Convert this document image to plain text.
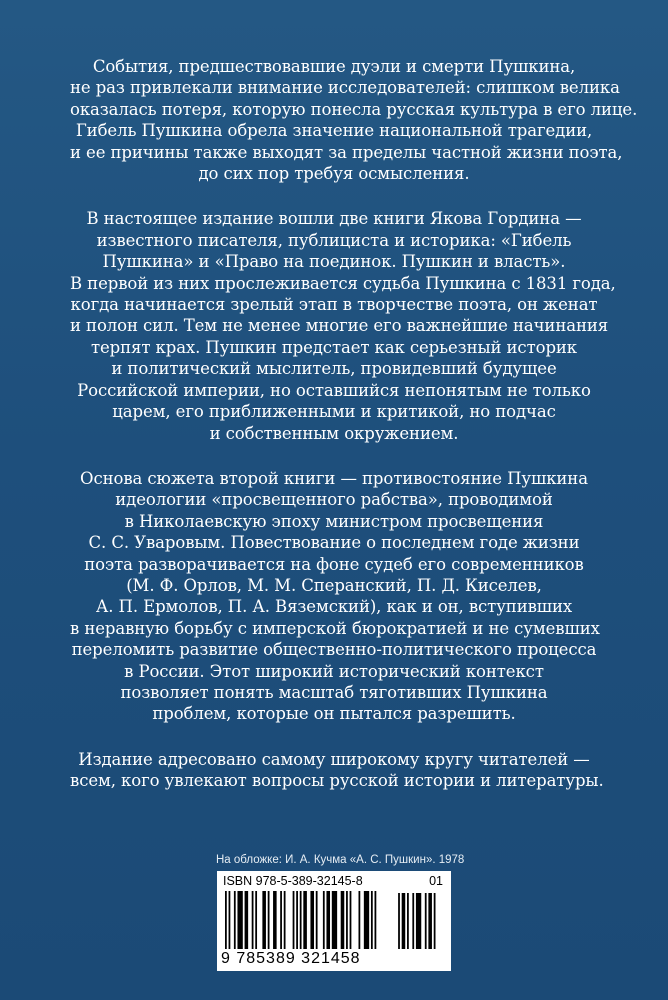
События, предшествовавшие дуэли и смерти Пушкина,
не раз привлекали внимание исследователей: слишком велика
оказалась потеря, которую понесла русская культура в его лице.
Гибель Пушкина обрела значение национальной трагедии,
и ее причины также выходят за пределы частной жизни поэта,
до сих пор требуя осмысления.

В настоящее издание вошли две книги Якова Гордина —
известного писателя, публициста и историка: «Гибель
Пушкина» и «Право на поединок. Пушкин и власть».
В первой из них прослеживается судьба Пушкина с 1831 года,
когда начинается зрелый этап в творчестве поэта, он женат
и полон сил. Тем не менее многие его важнейшие начинания
терпят крах. Пушкин предстает как серьезный историк
и политический мыслитель, провидевший будущее
Российской империи, но оставшийся непонятым не только
царем, его приближенными и критикой, но подчас
и собственным окружением.

Основа сюжета второй книги — противостояние Пушкина
идеологии «просвещенного рабства», проводимой
в Николаевскую эпоху министром просвещения
С. С. Уваровым. Повествование о последнем годе жизни
поэта разворачивается на фоне судеб его современников
(М. Ф. Орлов, М. М. Сперанский, П. Д. Киселев,
А. П. Ермолов, П. А. Вяземский), как и он, вступивших
в неравную борьбу с имперской бюрократией и не сумевших
переломить развитие общественно-политического процесса
в России. Этот широкий исторический контекст
позволяет понять масштаб тяготивших Пушкина
проблем, которые он пытался разрешить.

Издание адресовано самому широкому кругу читателей —
всем, кого увлекают вопросы русской истории и литературы.

На обложке: И. А. Кучма «А. С. Пушкин». 1978
ISBN 978-5-389-32145-8	01
9 785389 321458
